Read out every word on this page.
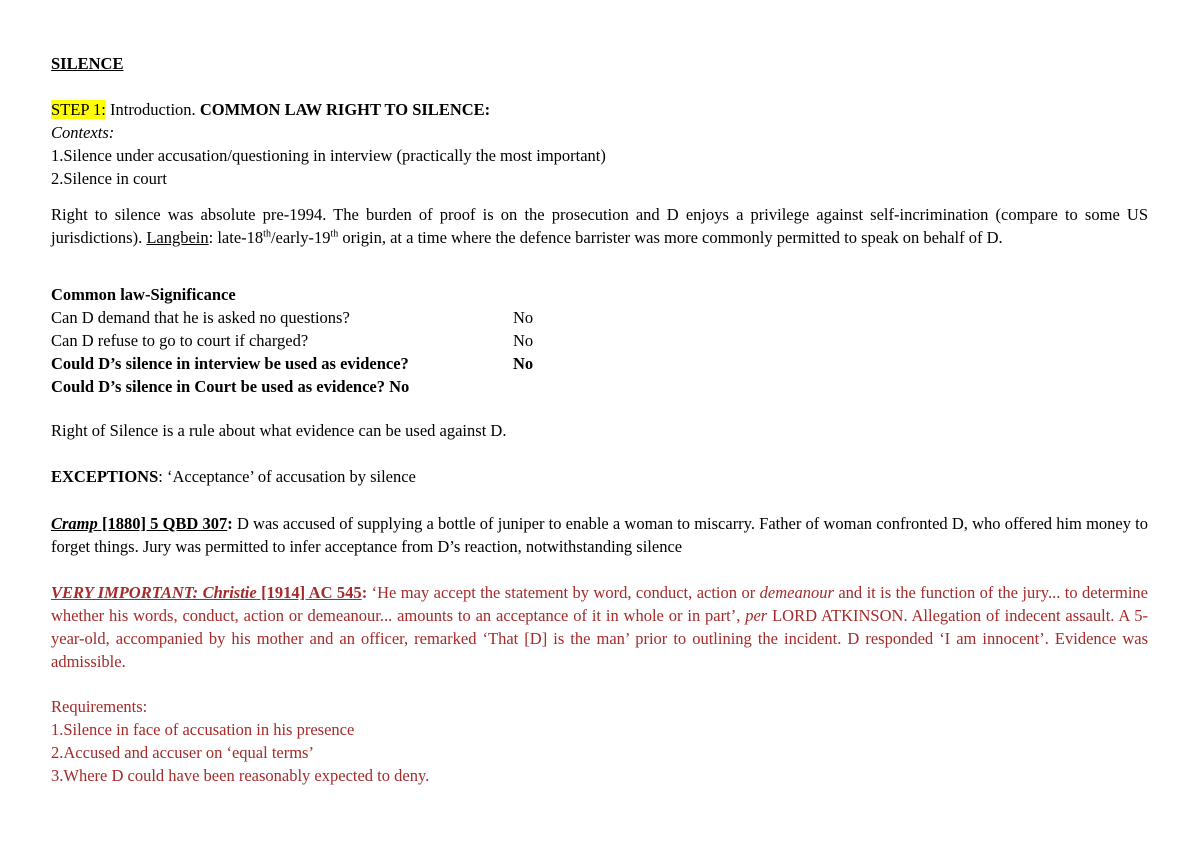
SILENCE
STEP 1: Introduction. COMMON LAW RIGHT TO SILENCE:
Contexts:
1.Silence under accusation/questioning in interview (practically the most important)
2.Silence in court
Right to silence was absolute pre-1994. The burden of proof is on the prosecution and D enjoys a privilege against self-incrimination (compare to some US jurisdictions). Langbein: late-18th/early-19th origin, at a time where the defence barrister was more commonly permitted to speak on behalf of D.
Common law-Significance
Can D demand that he is asked no questions?	No
Can D refuse to go to court if charged?	No
Could D’s silence in interview be used as evidence?	No
Could D’s silence in Court be used as evidence? No
Right of Silence is a rule about what evidence can be used against D.
EXCEPTIONS: ‘Acceptance’ of accusation by silence
Cramp [1880] 5 QBD 307: D was accused of supplying a bottle of juniper to enable a woman to miscarry. Father of woman confronted D, who offered him money to forget things. Jury was permitted to infer acceptance from D’s reaction, notwithstanding silence
VERY IMPORTANT: Christie [1914] AC 545: ‘He may accept the statement by word, conduct, action or demeanour and it is the function of the jury... to determine whether his words, conduct, action or demeanour... amounts to an acceptance of it in whole or in part’, per LORD ATKINSON. Allegation of indecent assault. A 5-year-old, accompanied by his mother and an officer, remarked ‘That [D] is the man’ prior to outlining the incident. D responded ‘I am innocent’. Evidence was admissible.
Requirements:
1.Silence in face of accusation in his presence
2.Accused and accuser on ‘equal terms’
3.Where D could have been reasonably expected to deny.
